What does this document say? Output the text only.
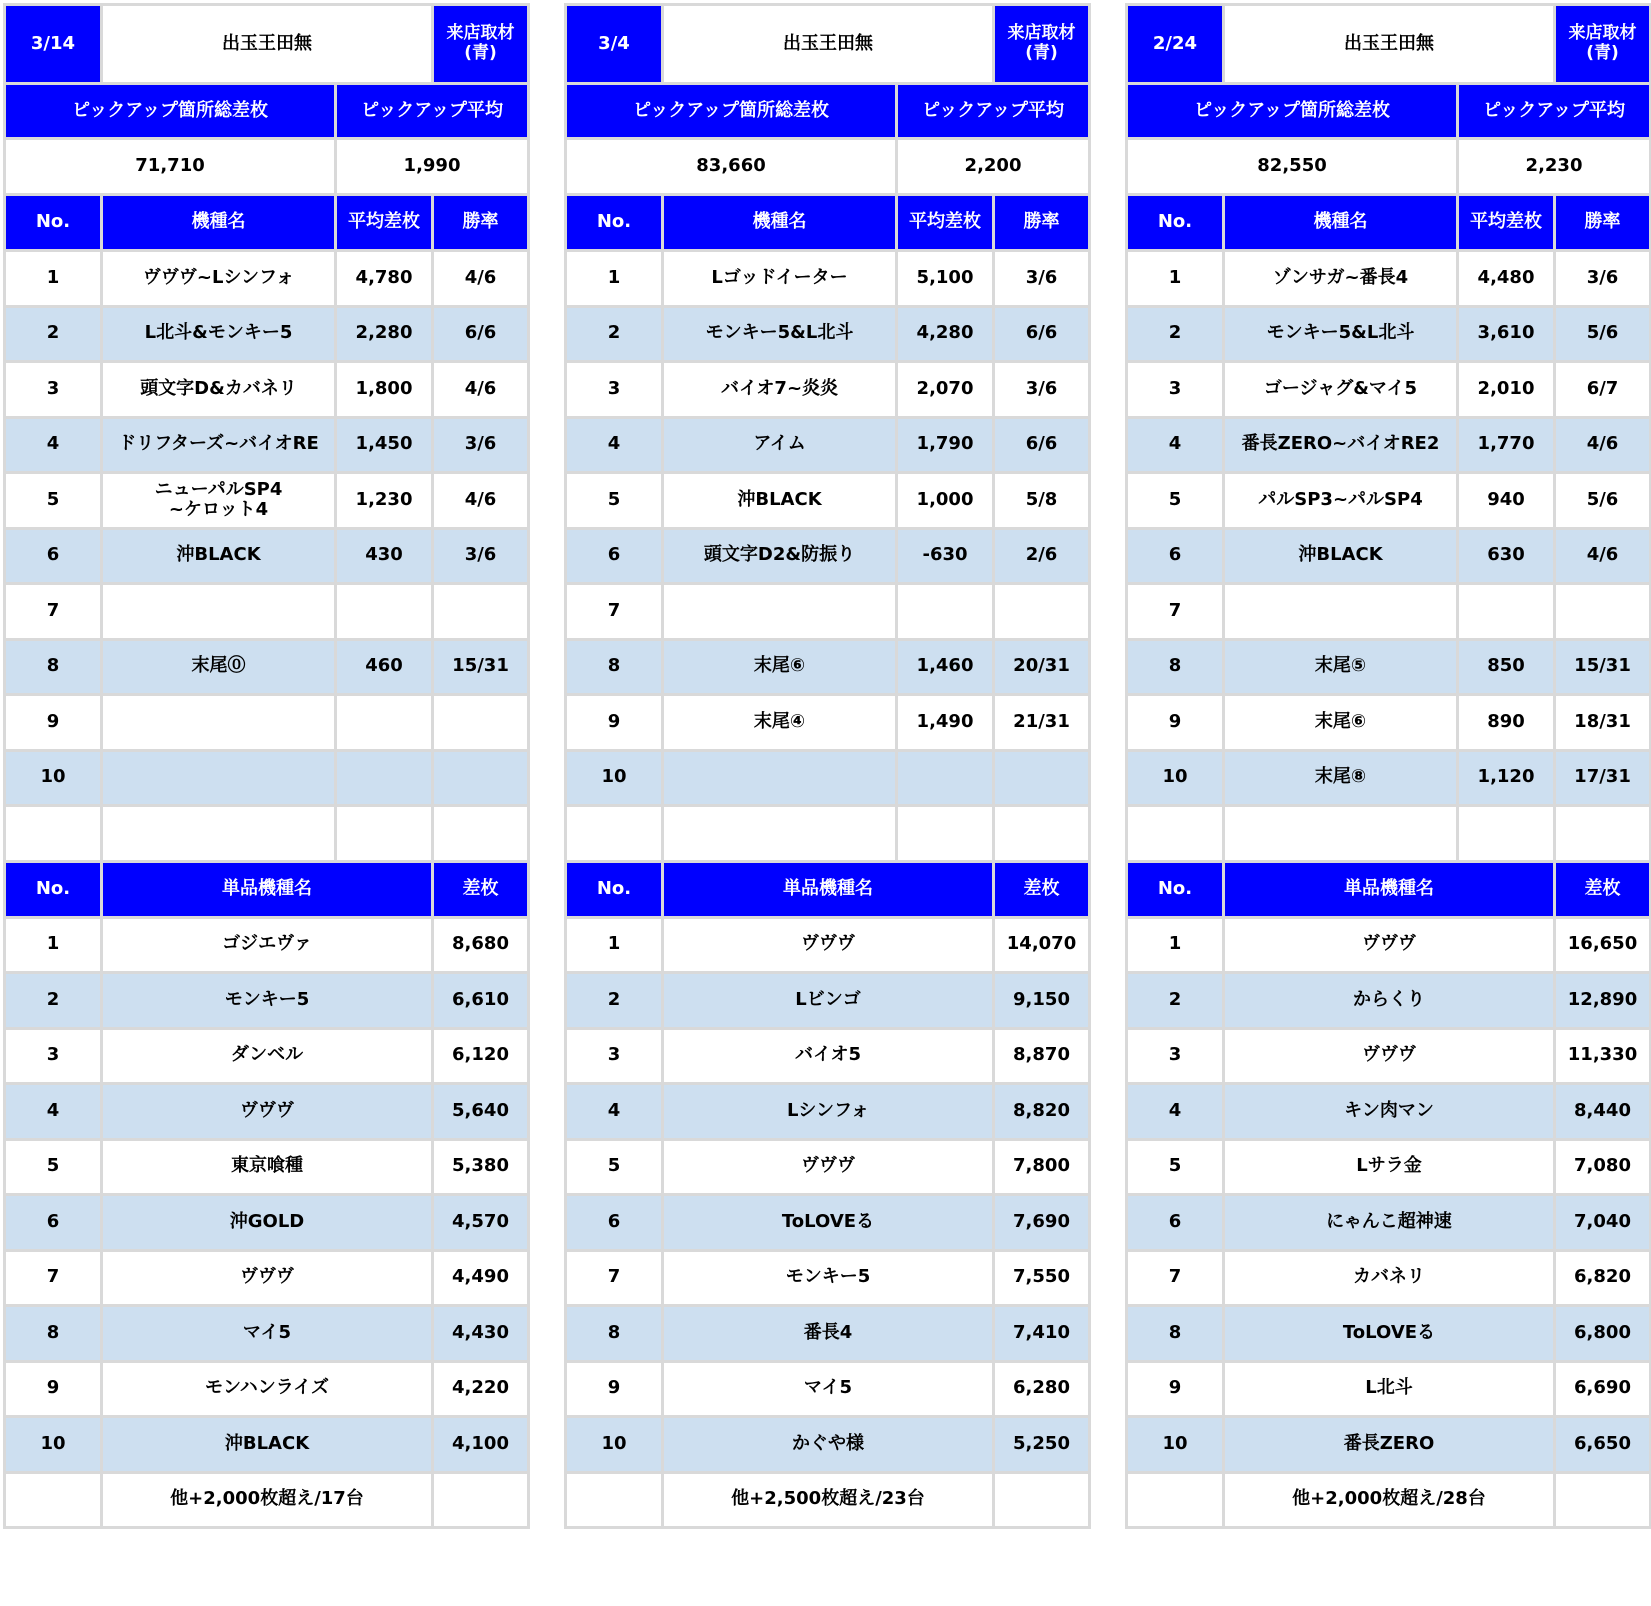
3/14	出玉王田無		来店取材
(青)
ピックアップ箇所総差枚		ピックアップ平均	
71,710		1,990	
No.	機種名	平均差枚	勝率
1	ヴヴヴ~Lシンフォ	4,780	4/6
2	L北斗&モンキー5	2,280	6/6
3	頭文字D&カバネリ	1,800	4/6
4	ドリフターズ~バイオRE	1,450	3/6
5	ニューパルSP4
~ケロット4	1,230	4/6
6	沖BLACK	430	3/6
7			
8	末尾⓪	460	15/31
9			
10			

No.	単品機種名		差枚
1	ゴジエヴァ		8,680
2	モンキー5		6,610
3	ダンベル		6,120
4	ヴヴヴ		5,640
5	東京喰種		5,380
6	沖GOLD		4,570
7	ヴヴヴ		4,490
8	マイ5		4,430
9	モンハンライズ		4,220
10	沖BLACK		4,100
	他+2,000枚超え/17台		
3/4	出玉王田無		来店取材
(青)
ピックアップ箇所総差枚		ピックアップ平均	
83,660		2,200	
No.	機種名	平均差枚	勝率
1	Lゴッドイーター	5,100	3/6
2	モンキー5&L北斗	4,280	6/6
3	バイオ7~炎炎	2,070	3/6
4	アイム	1,790	6/6
5	沖BLACK	1,000	5/8
6	頭文字D2&防振り	-630	2/6
7			
8	末尾⑥	1,460	20/31
9	末尾④	1,490	21/31
10			

No.	単品機種名		差枚
1	ヴヴヴ		14,070
2	Lビンゴ		9,150
3	バイオ5		8,870
4	Lシンフォ		8,820
5	ヴヴヴ		7,800
6	ToLOVEる		7,690
7	モンキー5		7,550
8	番長4		7,410
9	マイ5		6,280
10	かぐや様		5,250
	他+2,500枚超え/23台		
2/24	出玉王田無		来店取材
(青)
ピックアップ箇所総差枚		ピックアップ平均	
82,550		2,230	
No.	機種名	平均差枚	勝率
1	ゾンサガ~番長4	4,480	3/6
2	モンキー5&L北斗	3,610	5/6
3	ゴージャグ&マイ5	2,010	6/7
4	番長ZERO~バイオRE2	1,770	4/6
5	パルSP3~パルSP4	940	5/6
6	沖BLACK	630	4/6
7			
8	末尾⑤	850	15/31
9	末尾⑥	890	18/31
10	末尾⑧	1,120	17/31

No.	単品機種名		差枚
1	ヴヴヴ		16,650
2	からくり		12,890
3	ヴヴヴ		11,330
4	キン肉マン		8,440
5	Lサラ金		7,080
6	にゃんこ超神速		7,040
7	カバネリ		6,820
8	ToLOVEる		6,800
9	L北斗		6,690
10	番長ZERO		6,650
	他+2,000枚超え/28台		
